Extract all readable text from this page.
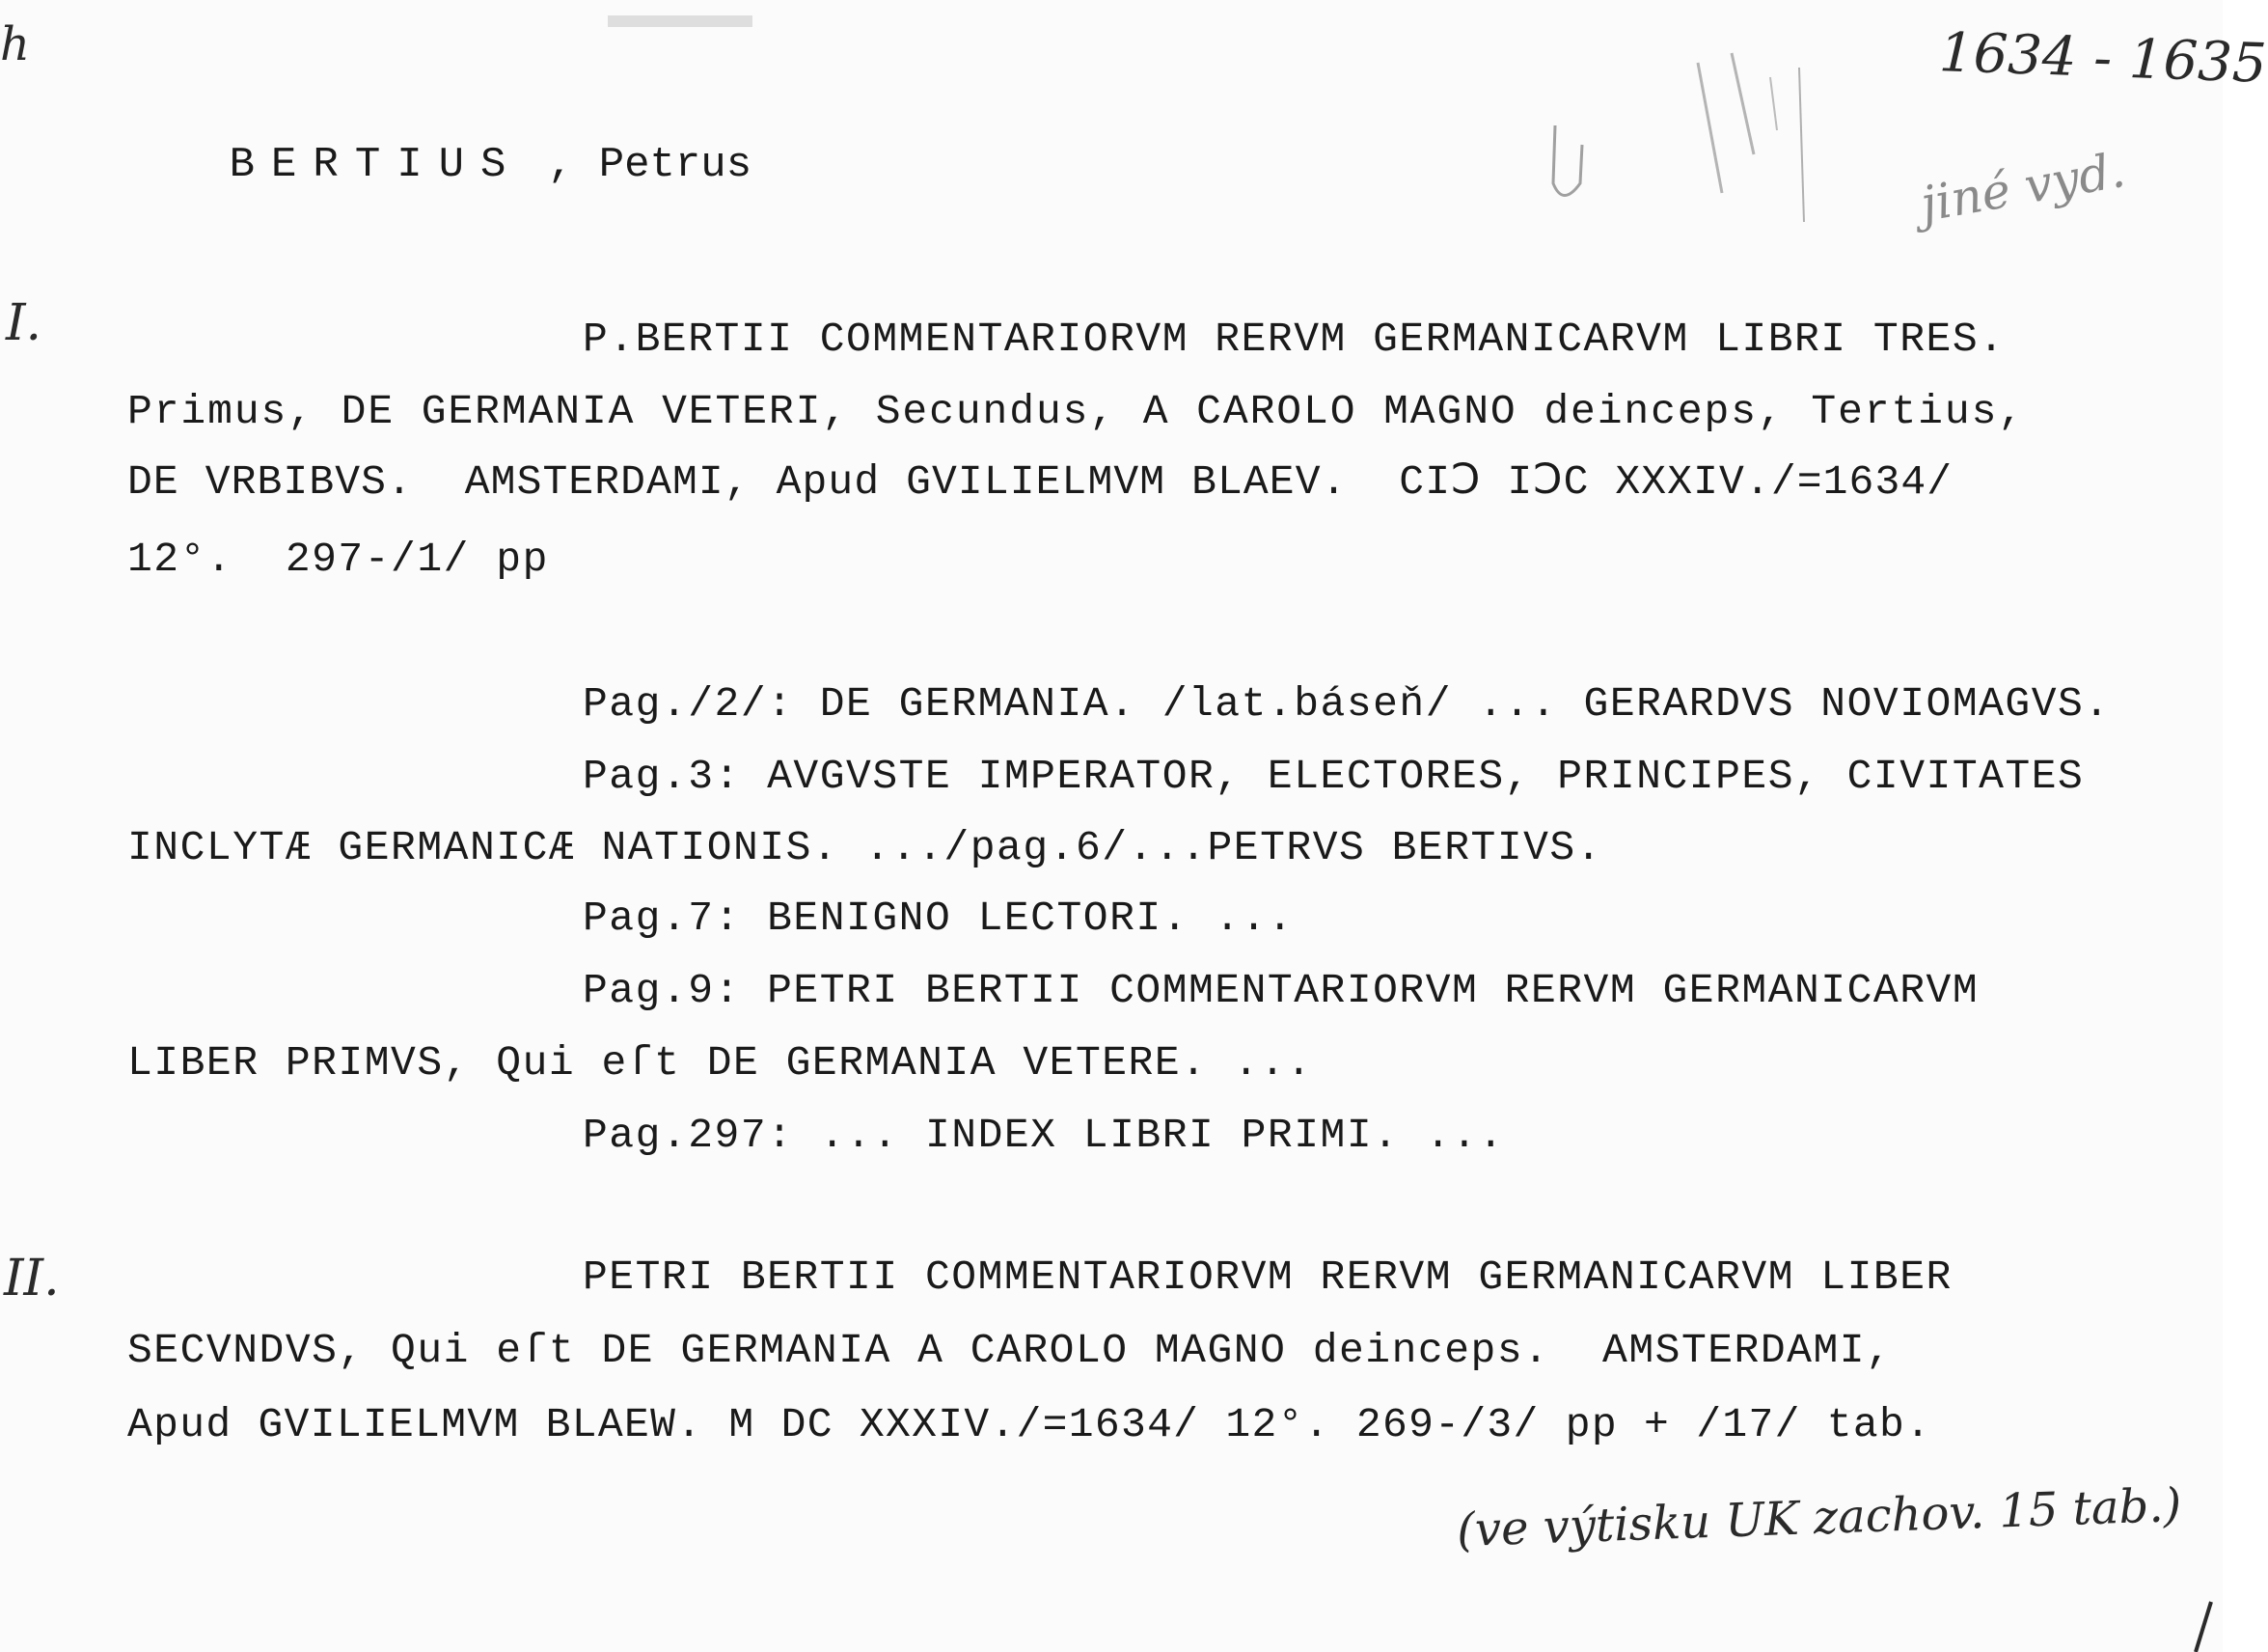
h	1634 - 1635
jiné vyd.

BERTIUS , Petrus

I.	P.BERTII COMMENTARIORVM RERVM GERMANICARVM LIBRI TRES.
Primus, DE GERMANIA VETERI, Secundus, A CAROLO MAGNO deinceps, Tertius,
DE VRBIBVS.  AMSTERDAMI, Apud GVILIELMVM BLAEV.  CIↃ IↃC XXXIV./=1634/
12°.  297-/1/ pp
Pag./2/: DE GERMANIA. /lat.báseň/ ... GERARDVS NOVIOMAGVS.
Pag.3: AVGVSTE IMPERATOR, ELECTORES, PRINCIPES, CIVITATES
INCLYTÆ GERMANICÆ NATIONIS. .../pag.6/...PETRVS BERTIVS.
Pag.7: BENIGNO LECTORI. ...
Pag.9: PETRI BERTII COMMENTARIORVM RERVM GERMANICARVM
LIBER PRIMVS, Qui eſt DE GERMANIA VETERE. ...
Pag.297: ... INDEX LIBRI PRIMI. ...
II.	PETRI BERTII COMMENTARIORVM RERVM GERMANICARVM LIBER
SECVNDVS, Qui eſt DE GERMANIA A CAROLO MAGNO deinceps.  AMSTERDAMI,
Apud GVILIELMVM BLAEW. M DC XXXIV./=1634/ 12°. 269-/3/ pp + /17/ tab.
(ve výtisku UK zachov. 15 tab.)
